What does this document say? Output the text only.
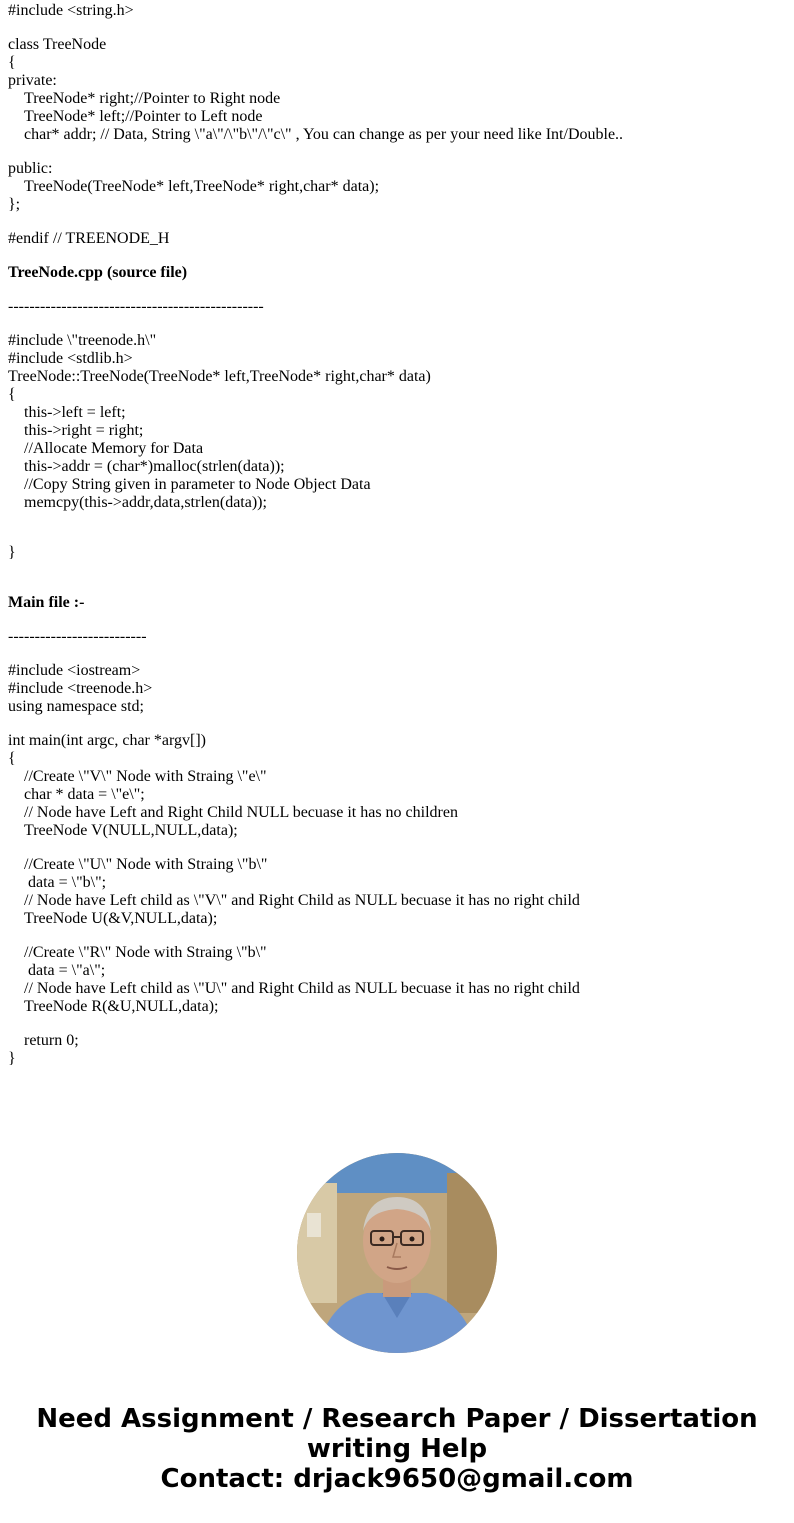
#include <string.h>
class TreeNode
{
private:
TreeNode* right;//Pointer to Right node
TreeNode* left;//Pointer to Left node
char* addr; // Data, String \"a\"/\"b\"/\"c\" , You can change as per your need like Int/Double..
public:
TreeNode(TreeNode* left,TreeNode* right,char* data);
};
#endif // TREENODE_H
TreeNode.cpp (source file)
------------------------------------------------
#include \"treenode.h\"
#include <stdlib.h>
TreeNode::TreeNode(TreeNode* left,TreeNode* right,char* data)
{
this->left = left;
this->right = right;
//Allocate Memory for Data
this->addr = (char*)malloc(strlen(data));
//Copy String given in parameter to Node Object Data
memcpy(this->addr,data,strlen(data));
}
Main file :-
--------------------------
#include <iostream>
#include <treenode.h>
using namespace std;
int main(int argc, char *argv[])
{
//Create \"V\" Node with Straing \"e\"
char * data = \"e\";
// Node have Left and Right Child NULL becuase it has no children
TreeNode V(NULL,NULL,data);
//Create \"U\" Node with Straing \"b\"
data = \"b\";
// Node have Left child as \"V\" and Right Child as NULL becuase it has no right child
TreeNode U(&V,NULL,data);
//Create \"R\" Node with Straing \"b\"
data = \"a\";
// Node have Left child as \"U\" and Right Child as NULL becuase it has no right child
TreeNode R(&U,NULL,data);
return 0;
}
Need Assignment / Research Paper / Dissertation
writing Help
Contact: drjack9650@gmail.com
